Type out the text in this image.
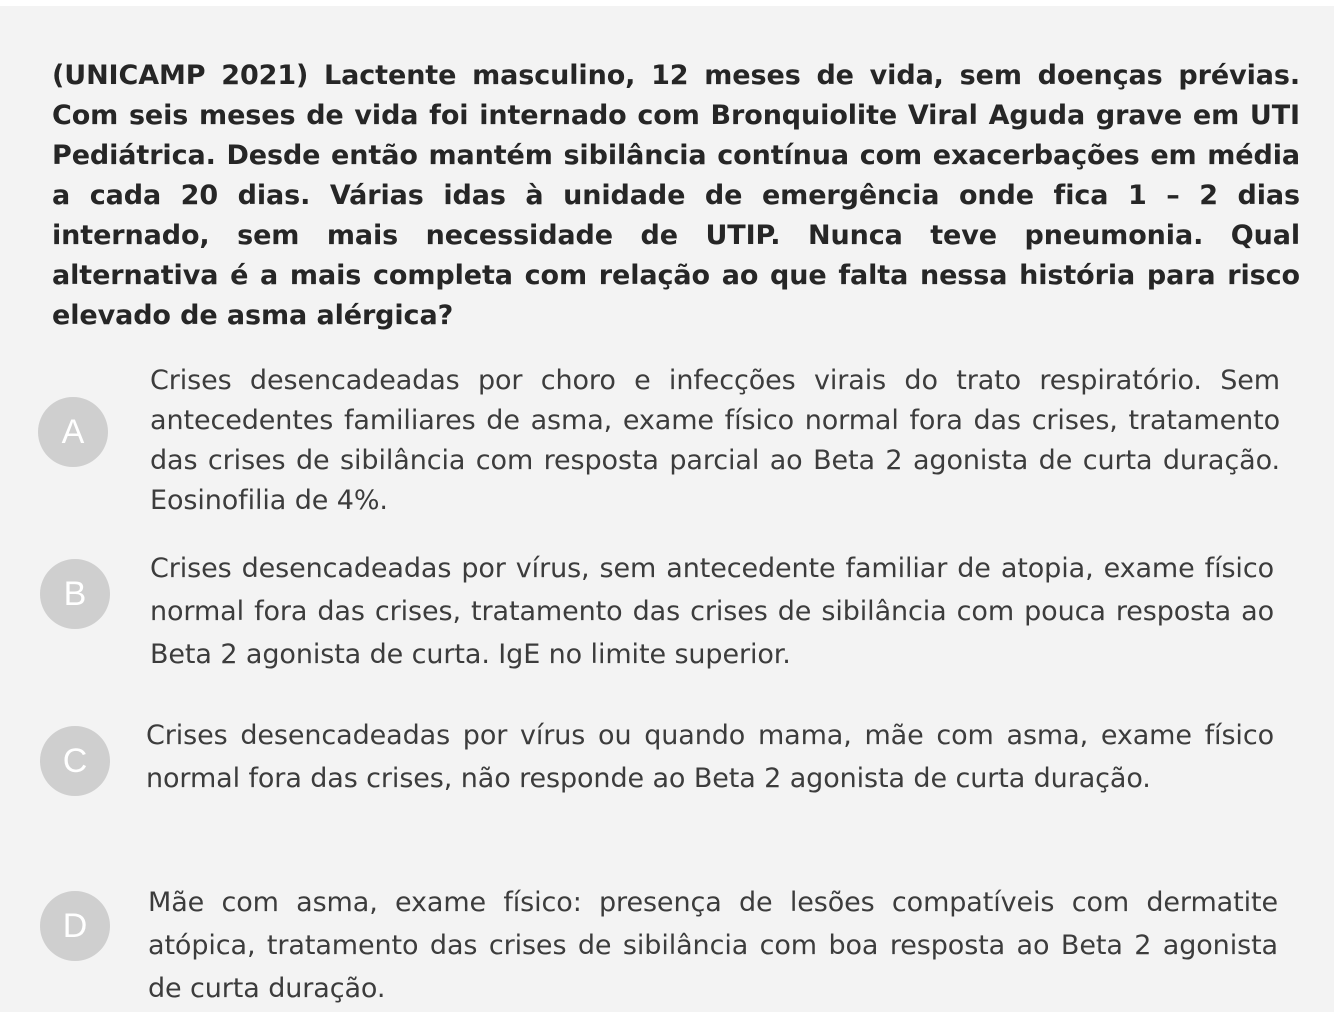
(UNICAMP 2021) Lactente masculino, 12 meses de vida, sem doenças prévias. Com seis meses de vida foi internado com Bronquiolite Viral Aguda grave em UTI Pediátrica. Desde então mantém sibilância contínua com exacerbações em média a cada 20 dias. Várias idas à unidade de emergência onde fica 1 – 2 dias internado, sem mais necessidade de UTIP. Nunca teve pneumonia. Qual alternativa é a mais completa com relação ao que falta nessa história para risco elevado de asma alérgica?
A
Crises desencadeadas por choro e infecções virais do trato respiratório. Sem antecedentes familiares de asma, exame físico normal fora das crises, tratamento das crises de sibilância com resposta parcial ao Beta 2 agonista de curta duração. Eosinofilia de 4%.
B
Crises desencadeadas por vírus, sem antecedente familiar de atopia, exame físico normal fora das crises, tratamento das crises de sibilância com pouca resposta ao Beta 2 agonista de curta. IgE no limite superior.
C
Crises desencadeadas por vírus ou quando mama, mãe com asma, exame físico normal fora das crises, não responde ao Beta 2 agonista de curta duração.
D
Mãe com asma, exame físico: presença de lesões compatíveis com dermatite atópica, tratamento das crises de sibilância com boa resposta ao Beta 2 agonista de curta duração.
